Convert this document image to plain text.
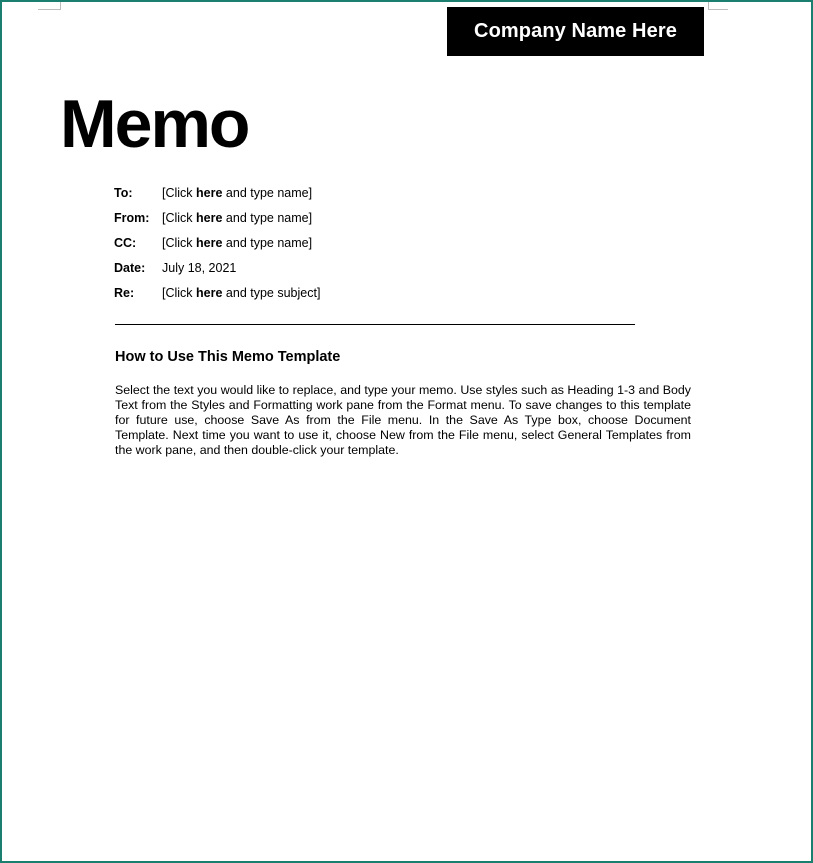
Company Name Here
Memo
To:	[Click here and type name]
From:	[Click here and type name]
CC:	[Click here and type name]
Date:	July 18, 2021
Re:	[Click here and type subject]
How to Use This Memo Template
Select the text you would like to replace, and type your memo. Use styles such as Heading 1-3 and Body Text from the Styles and Formatting work pane from the Format menu. To save changes to this template for future use, choose Save As from the File menu. In the Save As Type box, choose Document Template. Next time you want to use it, choose New from the File menu, select General Templates from the work pane, and then double-click your template.
